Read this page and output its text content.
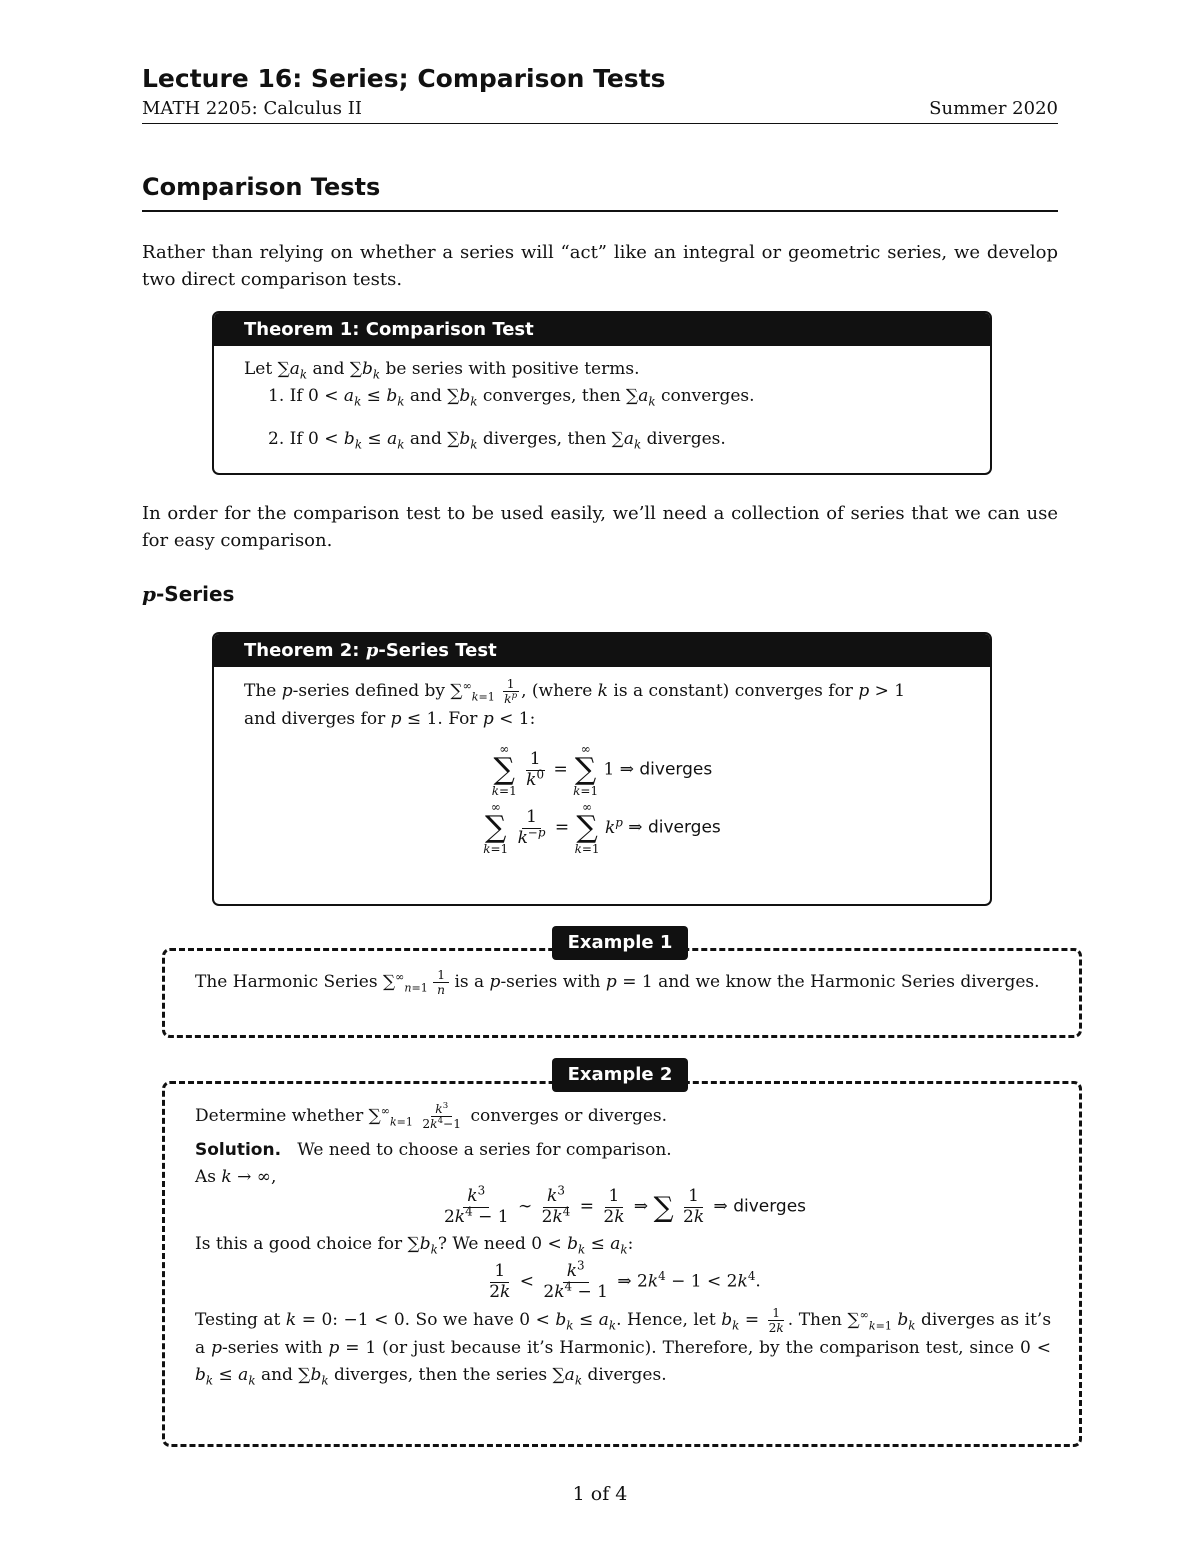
Lecture 16: Series; Comparison Tests
MATH 2205: Calculus II	Summer 2020
Comparison Tests
Rather than relying on whether a series will “act” like an integral or geometric series, we develop two direct comparison tests.
Theorem 1: Comparison Test
Let $\sum a_k$ and $\sum b_k$ be series with positive terms.
1. If $0 < a_k \le b_k$ and $\sum b_k$ converges, then $\sum a_k$ converges.
2. If $0 < b_k \le a_k$ and $\sum b_k$ diverges, then $\sum a_k$ diverges.
In order for the comparison test to be used easily, we’ll need a collection of series that we can use for easy comparison.
p-Series
Theorem 2: p-Series Test
The p-series defined by $\sum^\infty_{k=1} \frac{1}{k^p}$ , (where k is a constant) converges for p > 1
and diverges for p ≤ 1. For p < 1:
∞
∑
k=1

$\frac{1}{k^0}$ =
∞
∑
k=1
1 ⇒ diverges
∞
∑
k=1

$\frac{1}{k^{-p}}$ =
∞
∑
k=1
$k^p$ ⇒ diverges
The Harmonic Series $\sum^\infty_{n=1} \frac{1}{n}$ is a p-series with p = 1 and we know the Harmonic Series diverges.
Example 1
Determine whether $\sum^\infty_{k=1} \frac{k^3}{2k^4-1}$ converges or diverges.
Solution. We need to choose a series for comparison.
As k → ∞,
$\frac{k^3}{2k^4 - 1}$ ∼ $\frac{k^3}{2k^4} = \frac{1}{2k}$ ⇒ ∑ $\frac{1}{2k}$ ⇒ diverges
Is this a good choice for $\sum b_k$? We need $0 < b_k \le a_k$:
$\frac{1}{2k} < \frac{k^3}{2k^4 - 1}$ ⇒ $2k^4 - 1 < 2k^4$.
Testing at k = 0: −1 < 0. So we have $0 < b_k \le a_k$. Hence, let $b_k = \frac{1}{2k}$ . Then $\sum^\infty_{k=1}$ $b_k$ diverges as it’s a p-series with p = 1 (or just because it’s Harmonic). Therefore, by the comparison test, since $0 < b_k \le a_k$ and $\sum b_k$ diverges, then the series $\sum a_k$ diverges.
Example 2
1 of 4
